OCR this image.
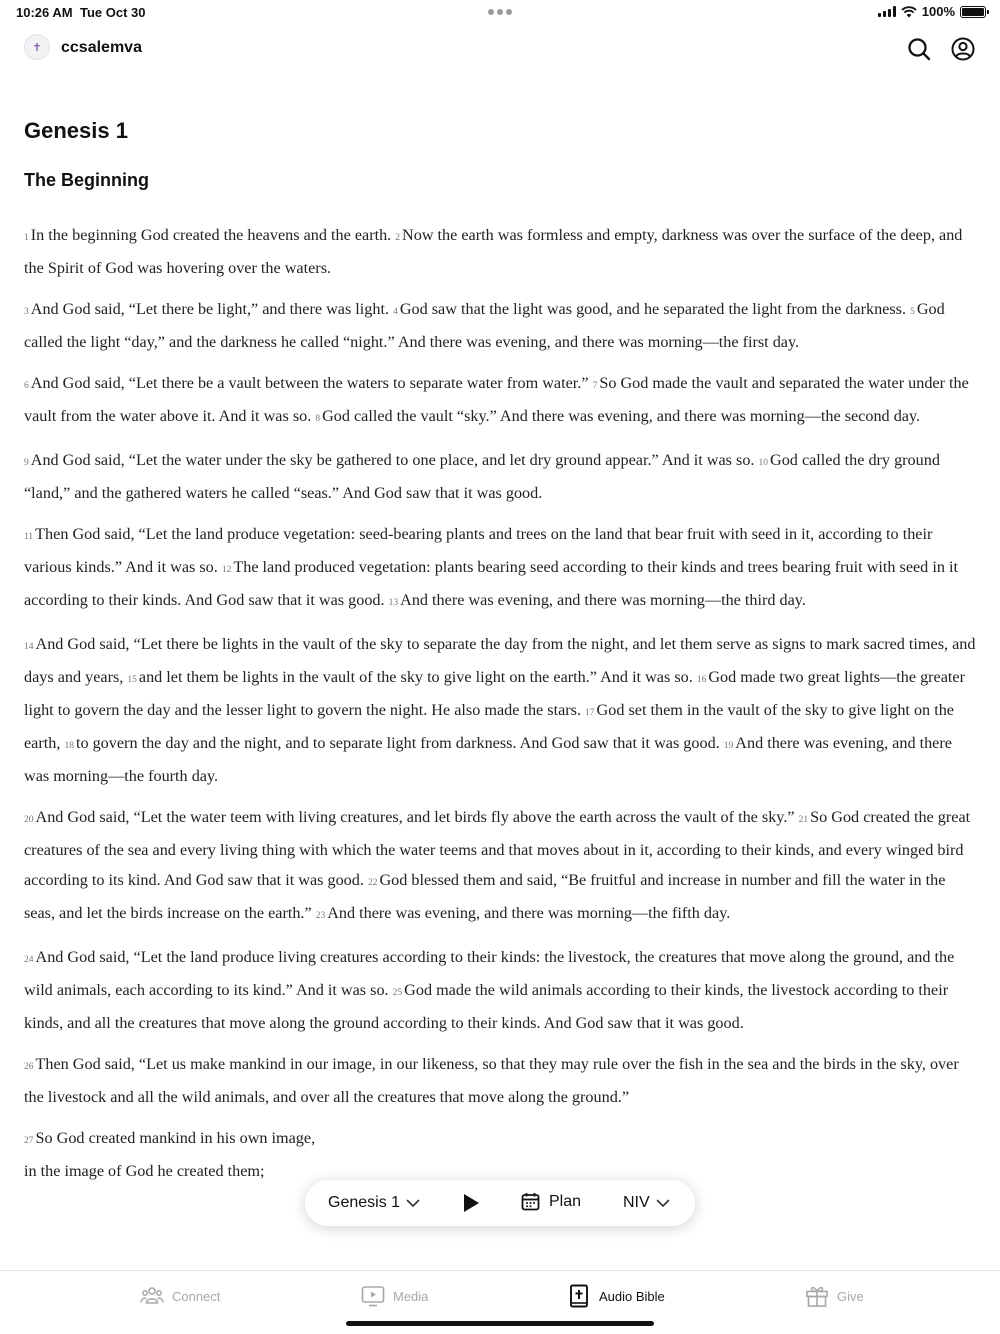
10:26 AM Tue Oct 30	100%
✝	ccsalemva
Genesis 1
The Beginning

1 In the beginning God created the heavens and the earth. 2 Now the earth was formless and empty, darkness was over the surface of the deep, and the Spirit of God was hovering over the waters.

3 And God said, “Let there be light,” and there was light. 4 God saw that the light was good, and he separated the light from the darkness. 5 God called the light “day,” and the darkness he called “night.” And there was evening, and there was morning—the first day.

6 And God said, “Let there be a vault between the waters to separate water from water.” 7 So God made the vault and separated the water under the vault from the water above it. And it was so. 8 God called the vault “sky.” And there was evening, and there was morning—the second day.

9 And God said, “Let the water under the sky be gathered to one place, and let dry ground appear.” And it was so. 10 God called the dry ground “land,” and the gathered waters he called “seas.” And God saw that it was good.

11 Then God said, “Let the land produce vegetation: seed-bearing plants and trees on the land that bear fruit with seed in it, according to their various kinds.” And it was so. 12 The land produced vegetation: plants bearing seed according to their kinds and trees bearing fruit with seed in it according to their kinds. And God saw that it was good. 13 And there was evening, and there was morning—the third day.

14 And God said, “Let there be lights in the vault of the sky to separate the day from the night, and let them serve as signs to mark sacred times, and days and years, 15 and let them be lights in the vault of the sky to give light on the earth.” And it was so. 16 God made two great lights—the greater light to govern the day and the lesser light to govern the night. He also made the stars. 17 God set them in the vault of the sky to give light on the earth, 18 to govern the day and the night, and to separate light from darkness. And God saw that it was good. 19 And there was evening, and there was morning—the fourth day.

20 And God said, “Let the water teem with living creatures, and let birds fly above the earth across the vault of the sky.” 21 So God created the great creatures of the sea and every living thing with which the water teems and that moves about in it, according to their kinds, and every winged bird according to its kind. And God saw that it was good. 22 God blessed them and said, “Be fruitful and increase in number and fill the water in the seas, and let the birds increase on the earth.” 23 And there was evening, and there was morning—the fifth day.

24 And God said, “Let the land produce living creatures according to their kinds: the livestock, the creatures that move along the ground, and the wild animals, each according to its kind.” And it was so. 25 God made the wild animals according to their kinds, the livestock according to their kinds, and all the creatures that move along the ground according to their kinds. And God saw that it was good.

26 Then God said, “Let us make mankind in our image, in our likeness, so that they may rule over the fish in the sea and the birds in the sky, over the livestock and all the wild animals, and over all the creatures that move along the ground.”

27 So God created mankind in his own image,
in the image of God he created them;

Genesis 1	Plan	NIV
Connect	Media	Audio Bible	Give
